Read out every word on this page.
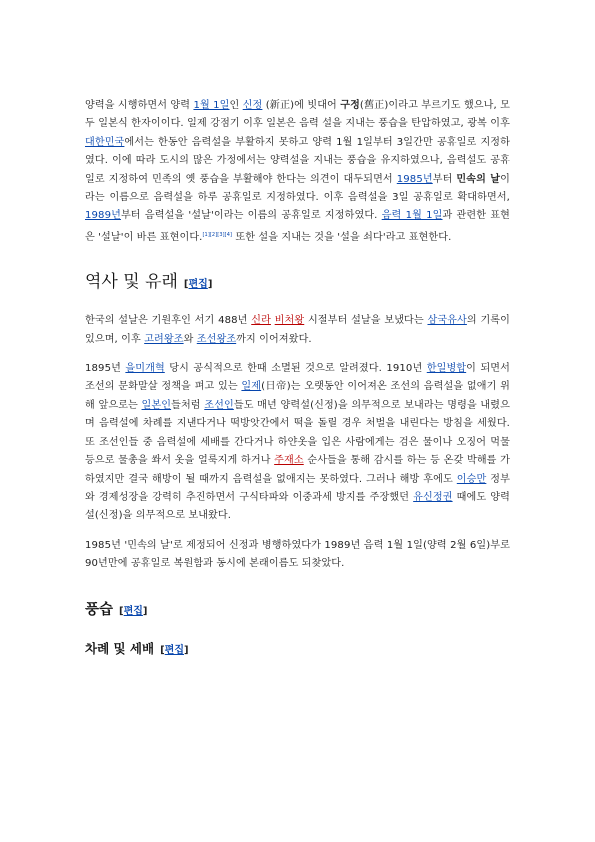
양력을 시행하면서 양력 1월 1일인 신정 (新正)에 빗대어 구정(舊正)이라고 부르기도 했으나, 모두 일본식 한자이이다. 일제 강점기 이후 일본은 음력 설을 지내는 풍습을 탄압하였고, 광복 이후 대한민국에서는 한동안 음력설을 부활하지 못하고 양력 1월 1일부터 3일간만 공휴일로 지정하였다. 이에 따라 도시의 많은 가정에서는 양력설을 지내는 풍습을 유지하였으나, 음력설도 공휴일로 지정하여 민족의 옛 풍습을 부활해야 한다는 의견이 대두되면서 1985년부터 민속의 날이라는 이름으로 음력설을 하루 공휴일로 지정하였다. 이후 음력설을 3일 공휴일로 확대하면서, 1989년부터 음력설을 '설날'이라는 이름의 공휴일로 지정하였다. 음력 1월 1일과 관련한 표현은 '설날'이 바른 표현이다.[1][2][3][4] 또한 설을 지내는 것을 '설을 쇠다'라고 표현한다.

역사 및 유래 [편집]

한국의 설날은 기원후인 서기 488년 신라 비처왕 시절부터 설날을 보냈다는 삼국유사의 기록이 있으며, 이후 고려왕조와 조선왕조까지 이어져왔다.

1895년 을미개혁 당시 공식적으로 한때 소멸된 것으로 알려졌다. 1910년 한일병합이 되면서 조선의 문화말살 정책을 펴고 있는 일제(日帝)는 오랫동안 이어져온 조선의 음력설을 없애기 위해 앞으로는 일본인들처럼 조선인들도 매년 양력설(신정)을 의무적으로 보내라는 명령을 내렸으며 음력설에 차례를 지낸다거나 떡방앗간에서 떡을 돌릴 경우 처벌을 내린다는 방침을 세웠다. 또 조선인들 중 음력설에 세배를 간다거나 하얀옷을 입은 사람에게는 검은 물이나 오징어 먹물 등으로 물총을 쏴서 옷을 얼룩지게 하거나 주재소 순사들을 통해 감시를 하는 등 온갖 박해를 가하였지만 결국 해방이 될 때까지 음력설을 없애지는 못하였다. 그러나 해방 후에도 이승만 정부와 경제성장을 강력히 추진하면서 구식타파와 이중과세 방지를 주장했던 유신정권 때에도 양력설(신정)을 의무적으로 보내왔다.

1985년 '민속의 날'로 제정되어 신정과 병행하였다가 1989년 음력 1월 1일(양력 2월 6일)부로 90년만에 공휴일로 복원함과 동시에 본래이름도 되찾았다.

풍습 [편집]
차례 및 세배 [편집]
